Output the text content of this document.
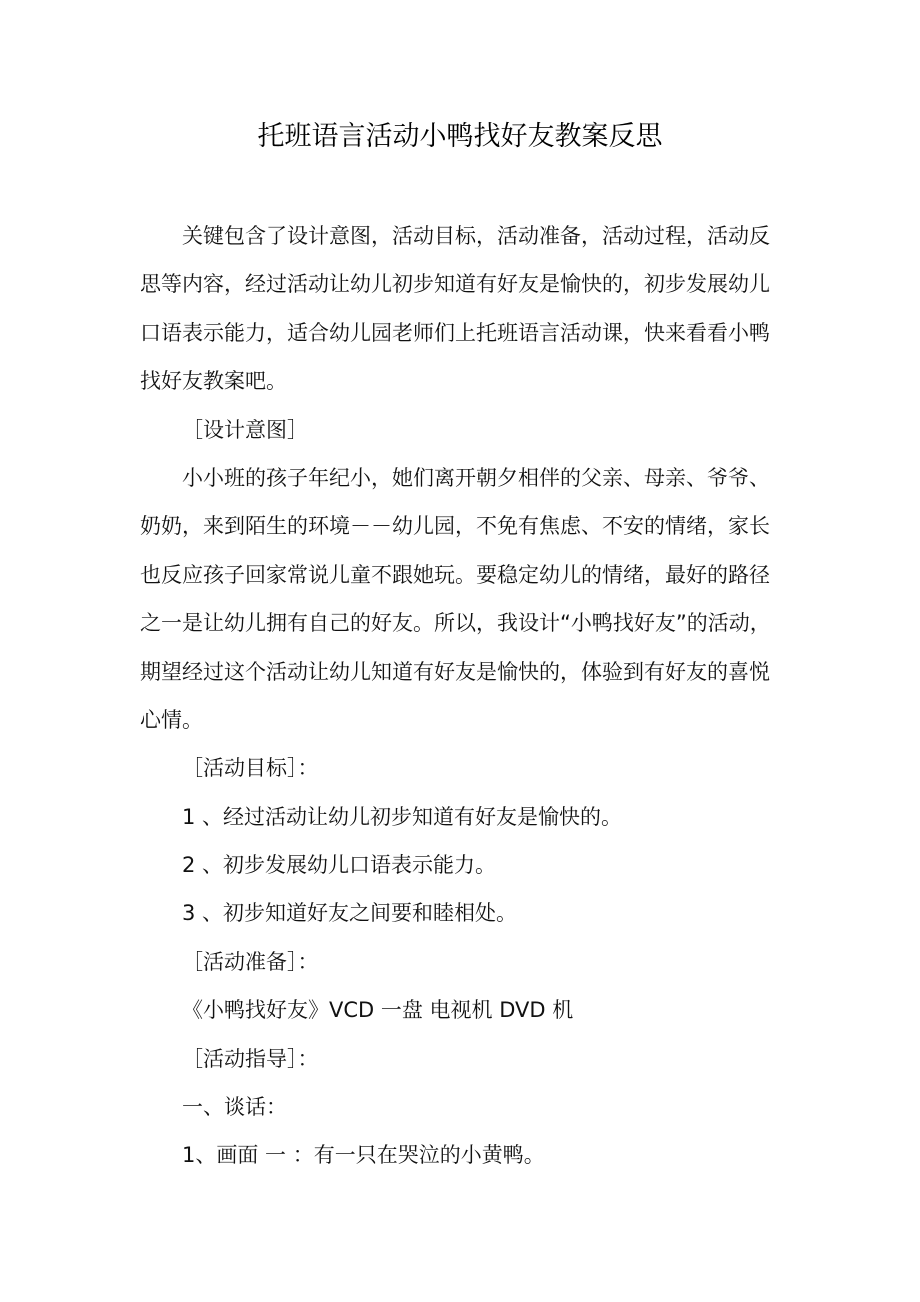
托班语言活动小鸭找好友教案反思
关键包含了设计意图，活动目标，活动准备，活动过程，活动反
思等内容，经过活动让幼儿初步知道有好友是愉快的，初步发展幼儿
口语表示能力，适合幼儿园老师们上托班语言活动课，快来看看小鸭
找好友教案吧。
［设计意图］
小小班的孩子年纪小，她们离开朝夕相伴的父亲、母亲、爷爷、
奶奶，来到陌生的环境－－幼儿园，不免有焦虑、不安的情绪，家长
也反应孩子回家常说儿童不跟她玩。要稳定幼儿的情绪，最好的路径
之一是让幼儿拥有自己的好友。所以，我设计“小鸭找好友”的活动，
期望经过这个活动让幼儿知道有好友是愉快的，体验到有好友的喜悦
心情。
［活动目标］：
1 、经过活动让幼儿初步知道有好友是愉快的。
2 、初步发展幼儿口语表示能力。
3 、初步知道好友之间要和睦相处。
［活动准备］：
《小鸭找好友》VCD 一盘 电视机 DVD 机
［活动指导］：
一、谈话：
1、画面 一 ：有一只在哭泣的小黄鸭。
